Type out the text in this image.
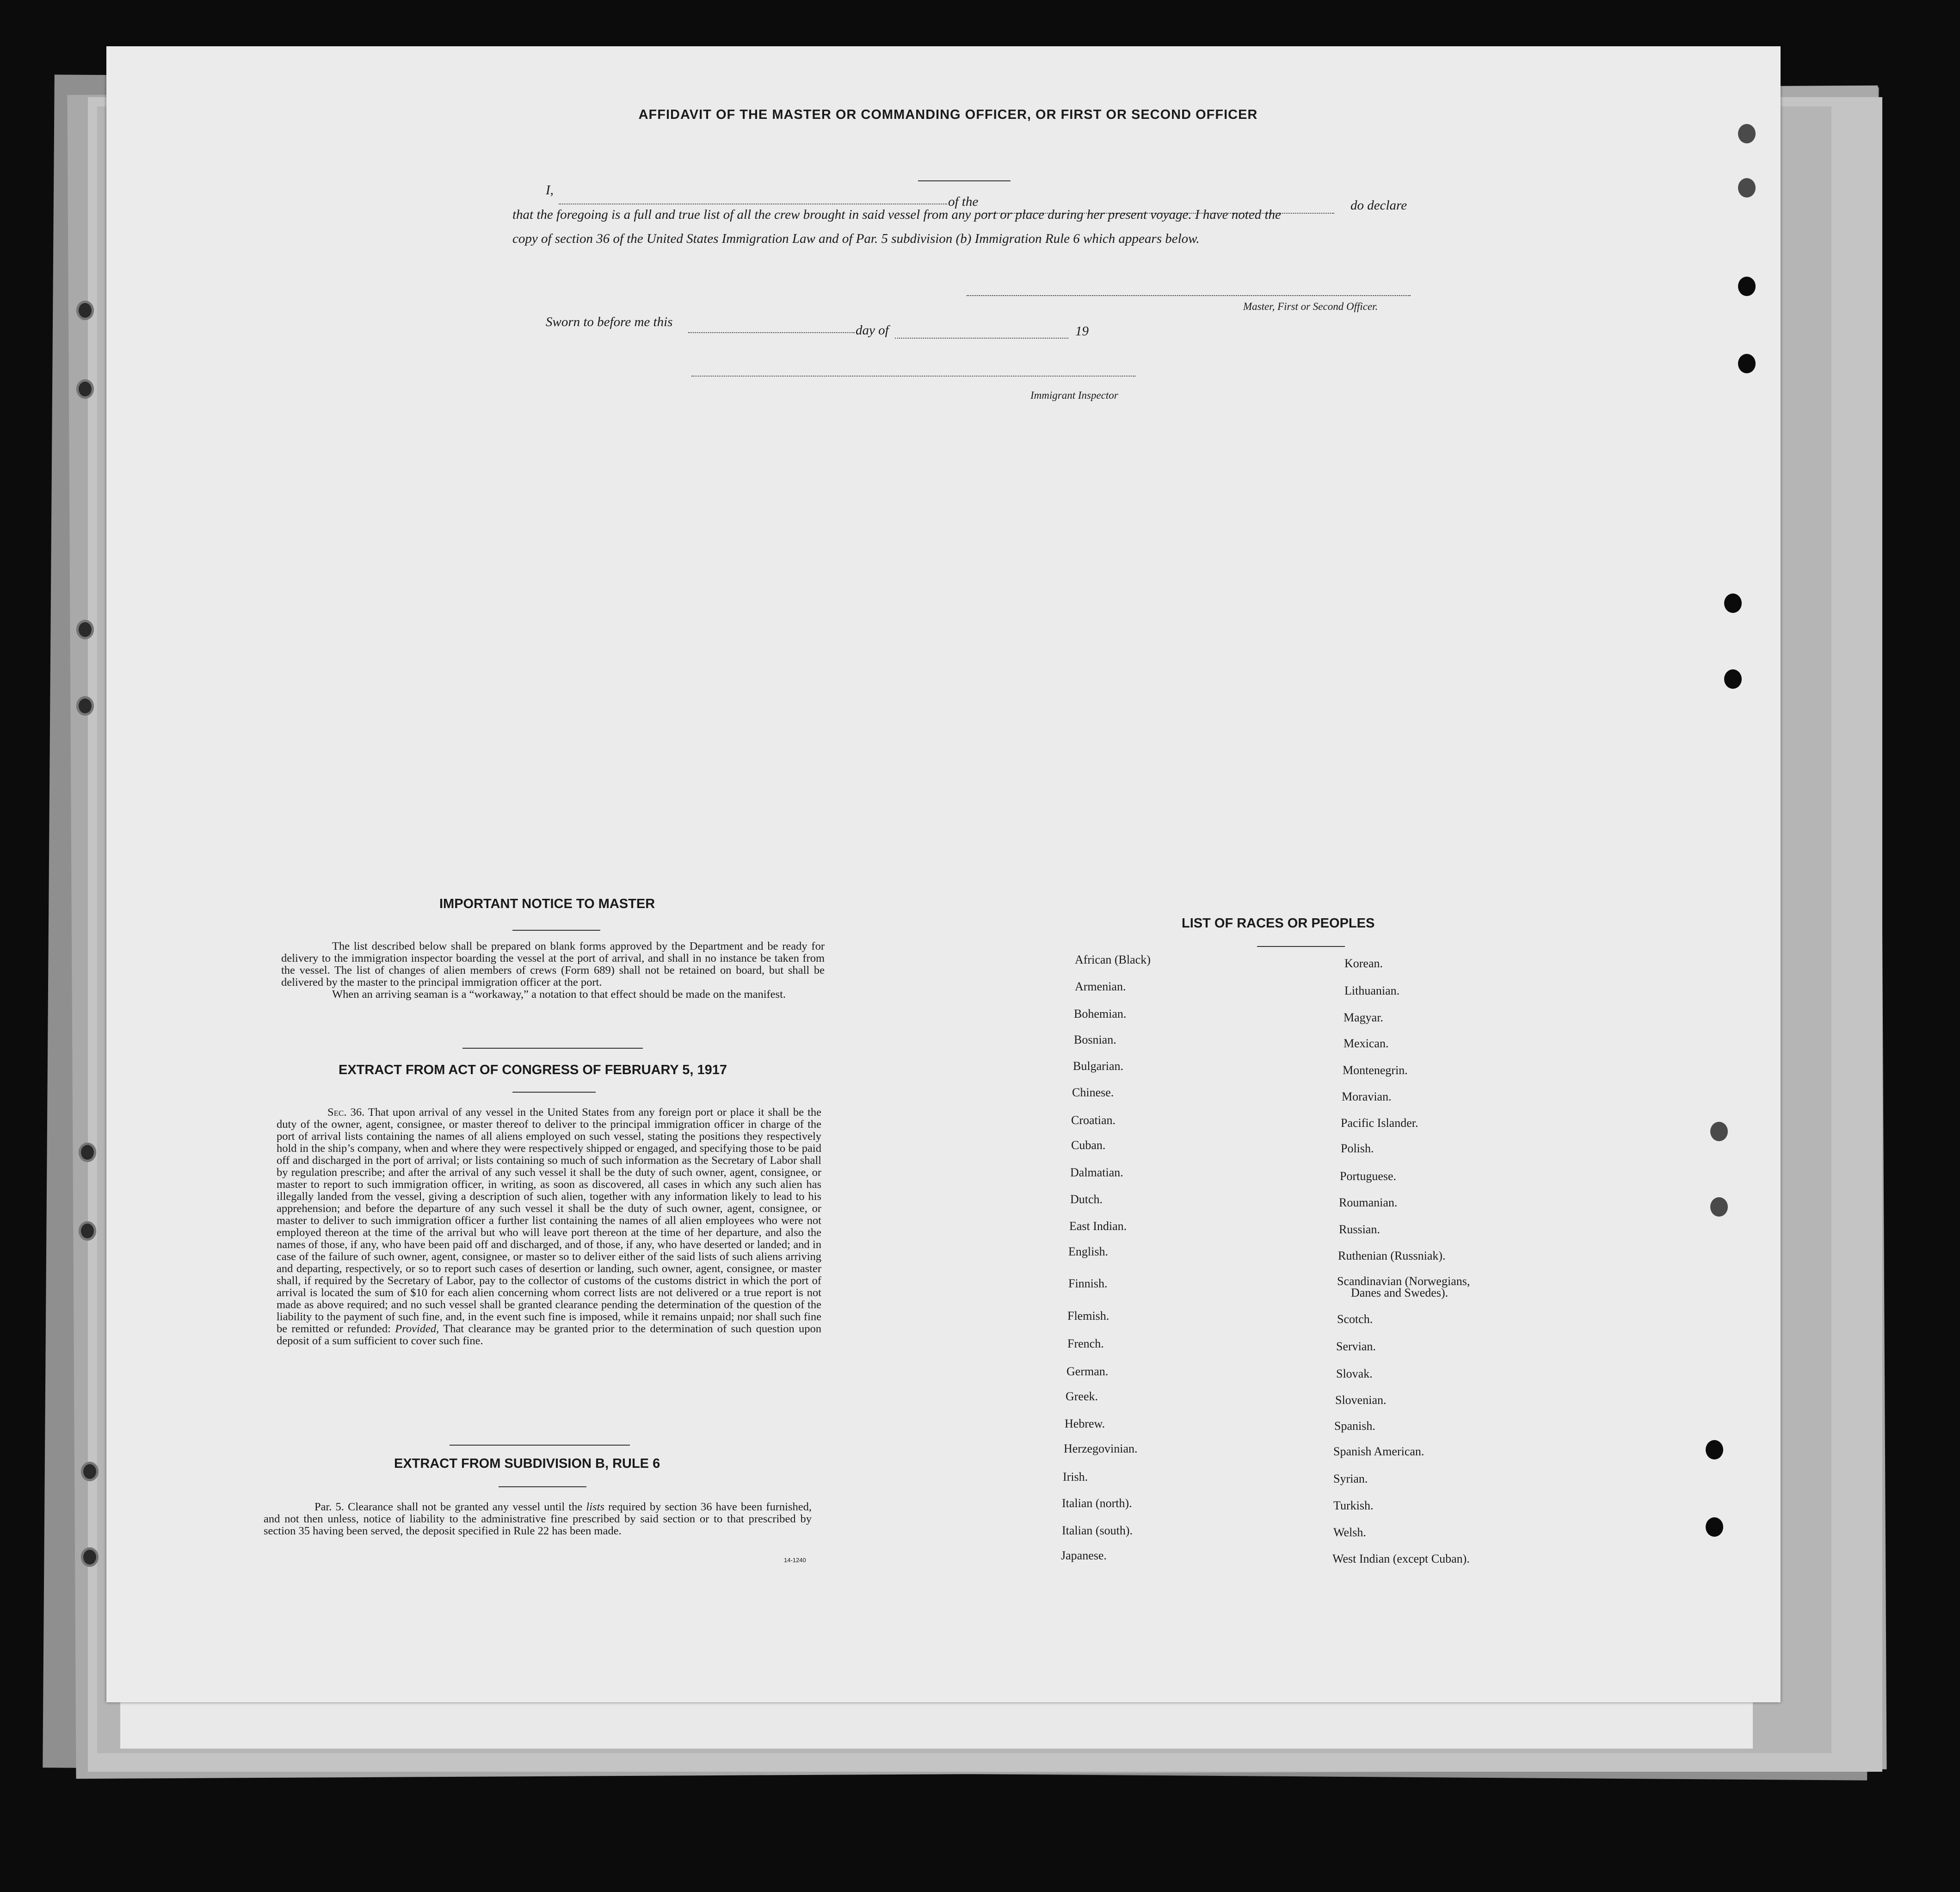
AFFIDAVIT OF THE MASTER OR COMMANDING OFFICER, OR FIRST OR SECOND OFFICER
I,
of the	do declare
that the foregoing is a full and true list of all the crew brought in said vessel from any port or place during her present voyage. I have noted the
copy of section 36 of the United States Immigration Law and of Par. 5 subdivision (b) Immigration Rule 6 which appears below.
Master, First or Second Officer.
Sworn to before me this
day of	19
Immigrant Inspector
IMPORTANT NOTICE TO MASTER

The list described below shall be prepared on blank forms approved by the Department and be ready for delivery to the immigration inspector boarding the vessel at the port of arrival, and shall in no instance be taken from the vessel. The list of changes of alien members of crews (Form 689) shall not be retained on board, but shall be delivered by the master to the principal immigration officer at the port.

When an arriving seaman is a “workaway,” a notation to that effect should be made on the manifest.

EXTRACT FROM ACT OF CONGRESS OF FEBRUARY 5, 1917

Sec. 36. That upon arrival of any vessel in the United States from any foreign port or place it shall be the duty of the owner, agent, consignee, or master thereof to deliver to the principal immigration officer in charge of the port of arrival lists containing the names of all aliens employed on such vessel, stating the positions they respectively hold in the ship’s company, when and where they were respectively shipped or engaged, and specifying those to be paid off and discharged in the port of arrival; or lists containing so much of such information as the Secretary of Labor shall by regulation prescribe; and after the arrival of any such vessel it shall be the duty of such owner, agent, consignee, or master to report to such immigration officer, in writing, as soon as discovered, all cases in which any such alien has illegally landed from the vessel, giving a description of such alien, together with any information likely to lead to his apprehension; and before the departure of any such vessel it shall be the duty of such owner, agent, consignee, or master to deliver to such immigration officer a further list containing the names of all alien employees who were not employed thereon at the time of the arrival but who will leave port thereon at the time of her departure, and also the names of those, if any, who have been paid off and discharged, and of those, if any, who have deserted or landed; and in case of the failure of such owner, agent, consignee, or master so to deliver either of the said lists of such aliens arriving and departing, respectively, or so to report such cases of desertion or landing, such owner, agent, consignee, or master shall, if required by the Secretary of Labor, pay to the collector of customs of the customs district in which the port of arrival is located the sum of $10 for each alien concerning whom correct lists are not delivered or a true report is not made as above required; and no such vessel shall be granted clearance pending the determination of the question of the liability to the payment of such fine, and, in the event such fine is imposed, while it remains unpaid; nor shall such fine be remitted or refunded: Provided, That clearance may be granted prior to the determination of such question upon deposit of a sum sufficient to cover such fine.

EXTRACT FROM SUBDIVISION B, RULE 6

Par. 5. Clearance shall not be granted any vessel until the lists required by section 36 have been furnished, and not then unless, notice of liability to the administrative fine prescribed by said section or to that prescribed by section 35 having been served, the deposit specified in Rule 22 has been made.

14-1240
LIST OF RACES OR PEOPLES
African (Black)
Armenian.
Bohemian.
Bosnian.
Bulgarian.
Chinese.
Croatian.
Cuban.
Dalmatian.
Dutch.
East Indian.
English.
Finnish.
Flemish.
French.
German.
Greek.
Hebrew.
Herzegovinian.
Irish.
Italian (north).
Italian (south).
Japanese.
Korean.
Lithuanian.
Magyar.
Mexican.
Montenegrin.
Moravian.
Pacific Islander.
Polish.
Portuguese.
Roumanian.
Russian.
Ruthenian (Russniak).
Scandinavian (Norwegians,
Danes and Swedes).
Scotch.
Servian.
Slovak.
Slovenian.
Spanish.
Spanish American.
Syrian.
Turkish.
Welsh.
West Indian (except Cuban).
